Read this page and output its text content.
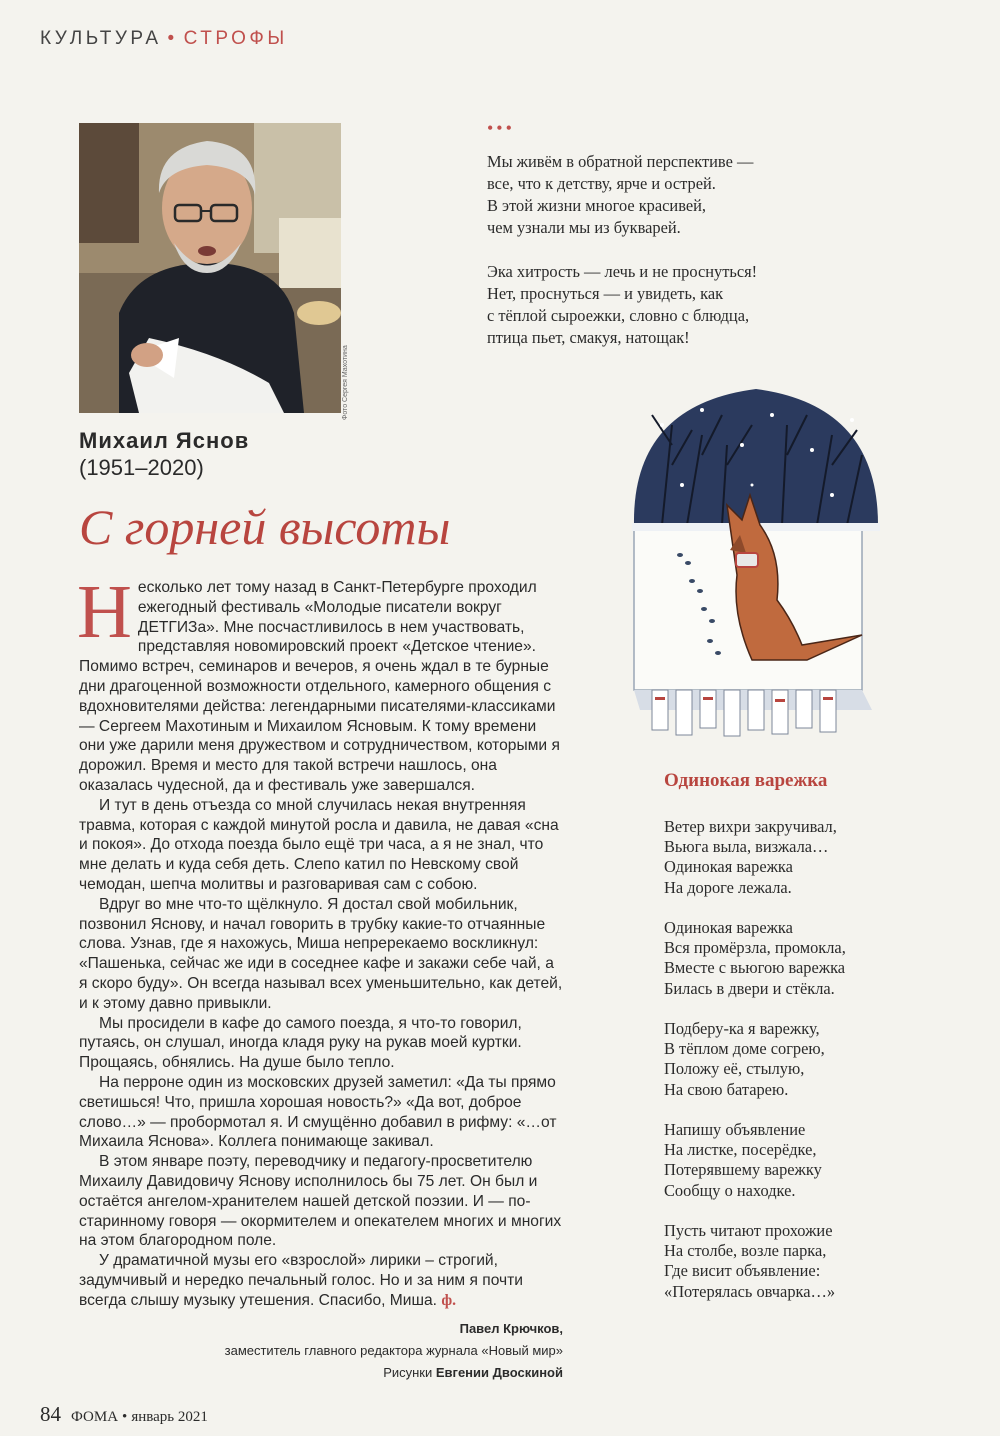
КУЛЬТУРА • СТРОФЫ
Фото Сергея Махотина
Михаил Яснов
(1951–2020)
С горней высоты

Несколько лет тому назад в Санкт-Петербурге проходил ежегодный фестиваль «Молодые писатели вокруг ДЕТГИЗа». Мне посчастливилось в нем участвовать, представляя новомировский проект «Детское чтение». Помимо встреч, семинаров и вечеров, я очень ждал в те бурные дни драгоценной возможности отдельного, камерного общения с вдохновителями действа: легендарными писателями-классиками — Сергеем Махотиным и Михаилом Ясновым. К тому времени они уже дарили меня дружеством и сотрудничеством, которыми я дорожил. Время и место для такой встречи нашлось, она оказалась чудесной, да и фестиваль уже завершался.

И тут в день отъезда со мной случилась некая внутренняя травма, которая с каждой минутой росла и давила, не давая «сна и покоя». До отхода поезда было ещё три часа, а я не знал, что мне делать и куда себя деть. Слепо катил по Невскому свой чемодан, шепча молитвы и разговаривая сам с собою.

Вдруг во мне что-то щёлкнуло. Я достал свой мобильник, позвонил Яснову, и начал говорить в трубку какие-то отчаянные слова. Узнав, где я нахожусь, Миша непререкаемо воскликнул: «Пашенька, сейчас же иди в соседнее кафе и закажи себе чай, а я скоро буду». Он всегда называл всех уменьшительно, как детей, и к этому давно привыкли.

Мы просидели в кафе до самого поезда, я что-то говорил, путаясь, он слушал, иногда кладя руку на рукав моей куртки. Прощаясь, обнялись. На душе было тепло.

На перроне один из московских друзей заметил: «Да ты прямо светишься! Что, пришла хорошая новость?» «Да вот, доброе слово…» — пробормотал я. И смущённо добавил в рифму: «…от Михаила Яснова». Коллега понимающе закивал.

В этом январе поэту, переводчику и педагогу-просветителю Михаилу Давидовичу Яснову исполнилось бы 75 лет. Он был и остаётся ангелом-хранителем нашей детской поэзии. И — по-старинному говоря — окормителем и опекателем многих и многих на этом благородном поле.

У драматичной музы его «взрослой» лирики – строгий, задумчивый и нередко печальный голос. Но и за ним я почти всегда слышу музыку утешения. Спасибо, Миша. ф.

Павел Крючков,
заместитель главного редактора журнала «Новый мир»
Рисунки Евгении Двоскиной
84 ФОМА • январь 2021
•••
Мы живём в обратной перспективе —
все, что к детству, ярче и острей.
В этой жизни многое красивей,
чем узнали мы из букварей.
Эка хитрость — лечь и не проснуться!
Нет, проснуться — и увидеть, как
с тёплой сыроежки, словно с блюдца,
птица пьет, смакуя, натощак!
Одинокая варежка
Ветер вихри закручивал,
Вьюга выла, визжала…
Одинокая варежка
На дороге лежала.
Одинокая варежка
Вся промёрзла, промокла,
Вместе с вьюгою варежка
Билась в двери и стёкла.
Подберу-ка я варежку,
В тёплом доме согрею,
Положу её, стылую,
На свою батарею.
Напишу объявление
На листке, посерёдке,
Потерявшему варежку
Сообщу о находке.
Пусть читают прохожие
На столбе, возле парка,
Где висит объявление:
«Потерялась овчарка…»
